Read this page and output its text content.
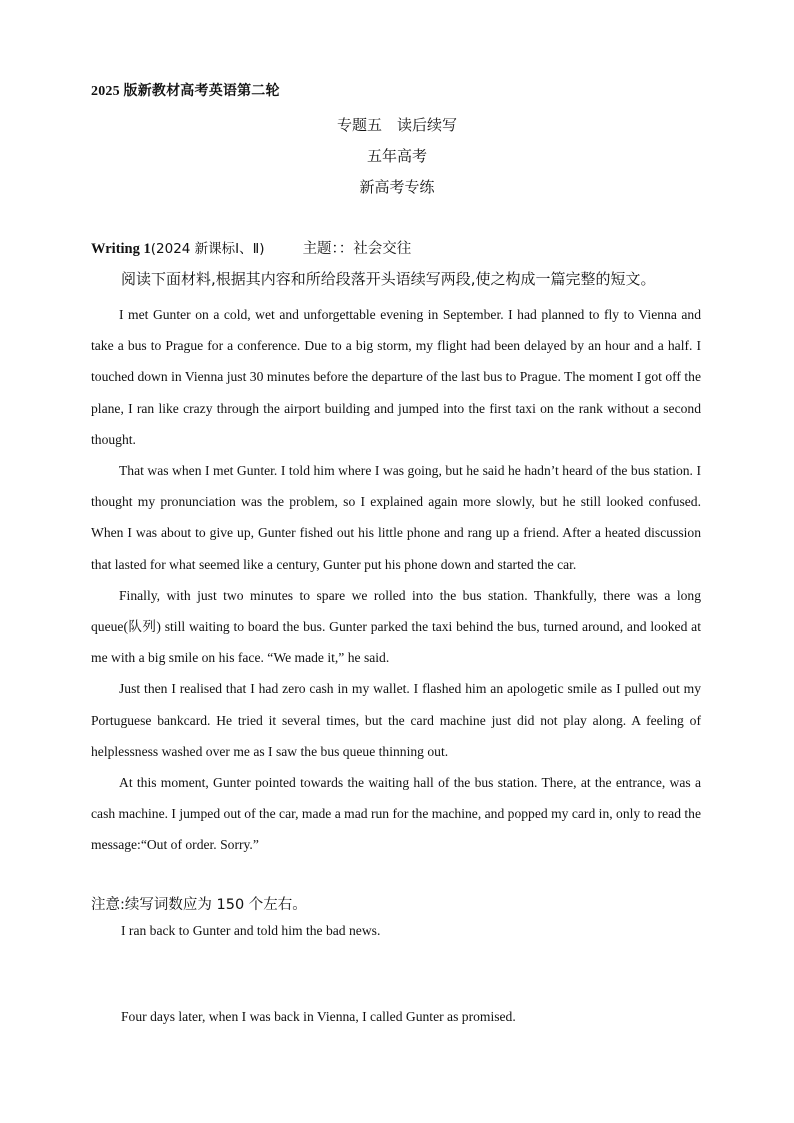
2025 版新教材高考英语第二轮
专题五　读后续写
五年高考
新高考专练
Writing 1(2024 新课标Ⅰ、Ⅱ)	主题：：社会交往
阅读下面材料,根据其内容和所给段落开头语续写两段,使之构成一篇完整的短文。

I met Gunter on a cold, wet and unforgettable evening in September. I had planned to fly to Vienna and take a bus to Prague for a conference. Due to a big storm, my flight had been delayed by an hour and a half. I touched down in Vienna just 30 minutes before the departure of the last bus to Prague. The moment I got off the plane, I ran like crazy through the airport building and jumped into the first taxi on the rank without a second thought.

That was when I met Gunter. I told him where I was going, but he said he hadn’t heard of the bus station. I thought my pronunciation was the problem, so I explained again more slowly, but he still looked confused. When I was about to give up, Gunter fished out his little phone and rang up a friend. After a heated discussion that lasted for what seemed like a century, Gunter put his phone down and started the car.

Finally, with just two minutes to spare we rolled into the bus station. Thankfully, there was a long queue(队列) still waiting to board the bus. Gunter parked the taxi behind the bus, turned around, and looked at me with a big smile on his face. “We made it,” he said.

Just then I realised that I had zero cash in my wallet. I flashed him an apologetic smile as I pulled out my Portuguese bankcard. He tried it several times, but the card machine just did not play along. A feeling of helplessness washed over me as I saw the bus queue thinning out.

At this moment, Gunter pointed towards the waiting hall of the bus station. There, at the entrance, was a cash machine. I jumped out of the car, made a mad run for the machine, and popped my card in, only to read the message:“Out of order. Sorry.”

注意:续写词数应为 150 个左右。
I ran back to Gunter and told him the bad news.
Four days later, when I was back in Vienna, I called Gunter as promised.
